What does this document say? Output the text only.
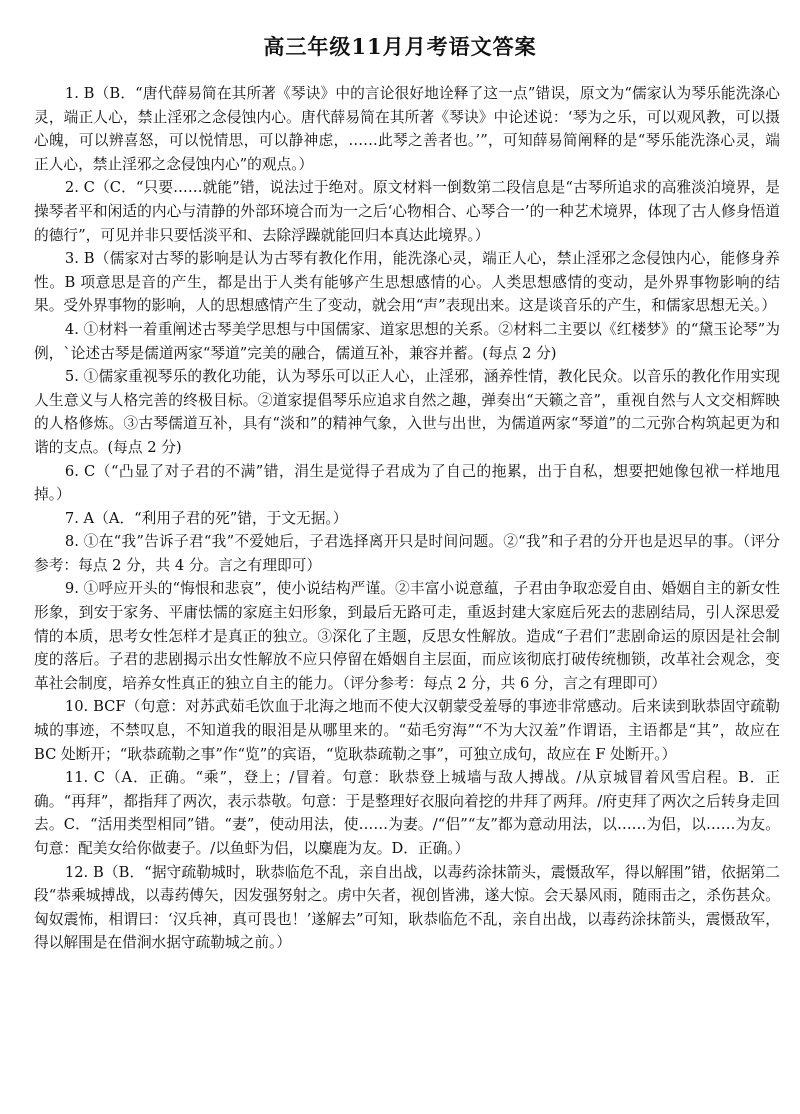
高三年级11月月考语文答案

1. B（B．“唐代薛易简在其所著《琴诀》中的言论很好地诠释了这一点”错误，原文为“儒家认为琴乐能洗涤心灵，端正人心，禁止淫邪之念侵蚀内心。唐代薛易简在其所著《琴诀》中论述说：‘琴为之乐，可以观风教，可以摄心魄，可以辨喜怒，可以悦情思，可以静神虑，……此琴之善者也。’”，可知薛易简阐释的是“琴乐能洗涤心灵，端正人心，禁止淫邪之念侵蚀内心”的观点。）

2. C（C．“只要……就能”错，说法过于绝对。原文材料一倒数第二段信息是“古琴所追求的高雅淡泊境界，是操琴者平和闲适的内心与清静的外部环境合而为一之后‘心物相合、心琴合一’的一种艺术境界，体现了古人修身悟道的德行”，可见并非只要恬淡平和、去除浮躁就能回归本真达此境界。）

3. B（儒家对古琴的影响是认为古琴有教化作用，能洗涤心灵，端正人心，禁止淫邪之念侵蚀内心，能修身养性。B 项意思是音的产生，都是出于人类有能够产生思想感情的心。人类思想感情的变动，是外界事物影响的结果。受外界事物的影响，人的思想感情产生了变动，就会用“声”表现出来。这是谈音乐的产生，和儒家思想无关。）

4. ①材料一着重阐述古琴美学思想与中国儒家、道家思想的关系。②材料二主要以《红楼梦》的“黛玉论琴”为例，`论述古琴是儒道两家“琴道”完美的融合，儒道互补，兼容并蓄。(每点 2 分)

5. ①儒家重视琴乐的教化功能，认为琴乐可以正人心，止淫邪，涵养性情，教化民众。以音乐的教化作用实现人生意义与人格完善的终极目标。②道家提倡琴乐应追求自然之趣，弹奏出“天籁之音”，重视自然与人文交相辉映的人格修炼。③古琴儒道互补，具有“淡和”的精神气象，入世与出世，为儒道两家“琴道”的二元弥合构筑起更为和谐的支点。(每点 2 分)

6. C（“凸显了对子君的不满”错，涓生是觉得子君成为了自己的拖累，出于自私，想要把她像包袱一样地甩掉。）

7. A（A．“利用子君的死”错，于文无据。）

8. ①在“我”告诉子君“我”不爱她后，子君选择离开只是时间问题。②“我”和子君的分开也是迟早的事。（评分参考：每点 2 分，共 4 分。言之有理即可）

9. ①呼应开头的“悔恨和悲哀”，使小说结构严谨。②丰富小说意蕴，子君由争取恋爱自由、婚姻自主的新女性形象，到安于家务、平庸怯懦的家庭主妇形象，到最后无路可走，重返封建大家庭后死去的悲剧结局，引人深思爱情的本质，思考女性怎样才是真正的独立。③深化了主题，反思女性解放。造成“子君们”悲剧命运的原因是社会制度的落后。子君的悲剧揭示出女性解放不应只停留在婚姻自主层面，而应该彻底打破传统枷锁，改革社会观念，变革社会制度，培养女性真正的独立自主的能力。（评分参考：每点 2 分，共 6 分，言之有理即可）

10. BCF（句意：对苏武茹毛饮血于北海之地而不使大汉朝蒙受羞辱的事迹非常感动。后来读到耿恭固守疏勒城的事迹，不禁叹息，不知道我的眼泪是从哪里来的。“茹毛穷海”“不为大汉羞”作谓语，主语都是“其”，故应在 BC 处断开；“耿恭疏勒之事”作“览”的宾语，“览耿恭疏勒之事”，可独立成句，故应在 F 处断开。）

11. C（A．正确。“乘”，登上；/冒着。句意：耿恭登上城墙与敌人搏战。/从京城冒着风雪启程。B．正确。“再拜”，都指拜了两次，表示恭敬。句意：于是整理好衣服向着挖的井拜了两拜。/府吏拜了两次之后转身走回去。C．“活用类型相同”错。“妻”，使动用法，使……为妻。/“侣”“友”都为意动用法，以……为侣，以……为友。句意：配美女给你做妻子。/以鱼虾为侣，以麋鹿为友。D．正确。）

12. B（B．“据守疏勒城时，耿恭临危不乱，亲自出战，以毒药涂抹箭头，震慑敌军，得以解围”错，依据第二段“恭乘城搏战，以毒药傅矢，因发强努射之。虏中矢者，视创皆沸，遂大惊。会天暴风雨，随雨击之，杀伤甚众。匈奴震怖，相谓曰：‘汉兵神，真可畏也！’遂解去”可知，耿恭临危不乱，亲自出战，以毒药涂抹箭头，震慑敌军，得以解围是在借涧水据守疏勒城之前。）
